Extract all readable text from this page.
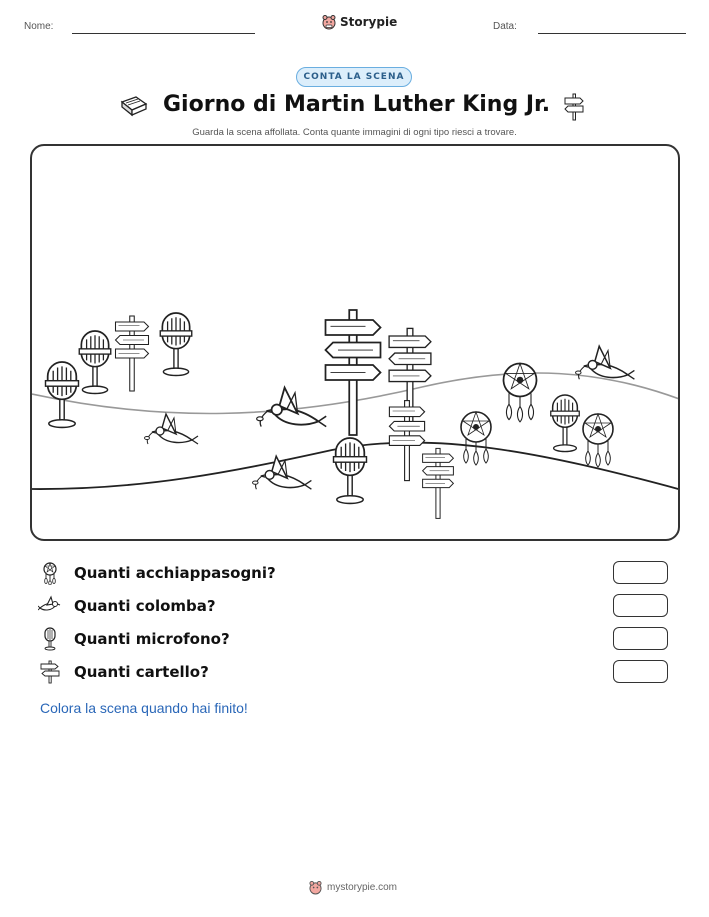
Nome:	Storypie	Data:
CONTA LA SCENA
Giorno di Martin Luther King Jr.
Guarda la scena affollata. Conta quante immagini di ogni tipo riesci a trovare.
Quanti acchiappasogni?
Quanti colomba?
Quanti microfono?
Quanti cartello?
Colora la scena quando hai finito!
mystorypie.com
